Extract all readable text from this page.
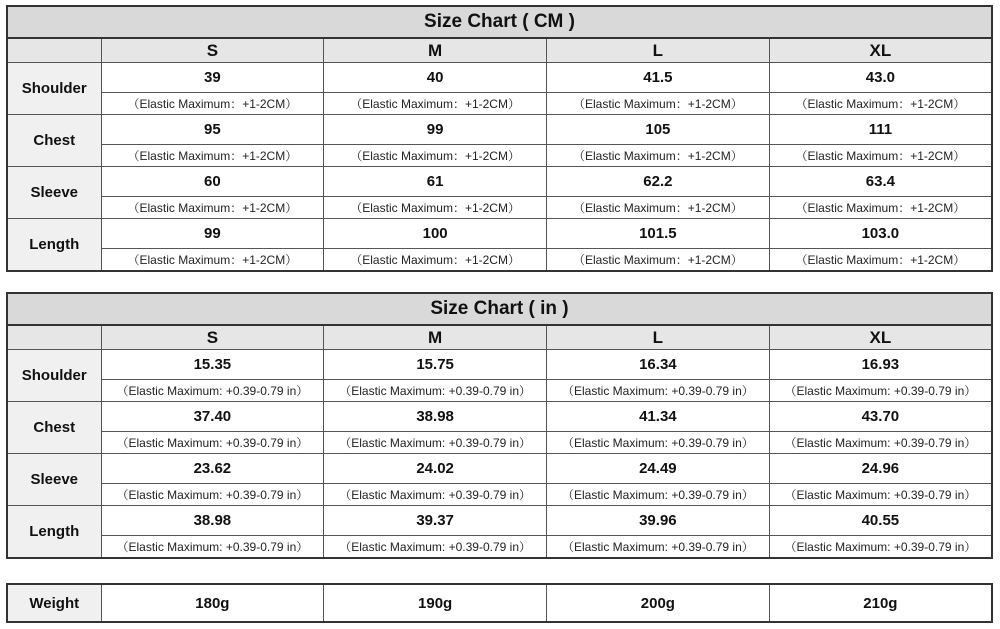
Size Chart ( CM )				
	S	M	L	XL
Shoulder	39	40	41.5	43.0
	（Elastic Maximum：+1-2CM）	（Elastic Maximum：+1-2CM）	（Elastic Maximum：+1-2CM）	（Elastic Maximum：+1-2CM）
Chest	95	99	105	111
	（Elastic Maximum：+1-2CM）	（Elastic Maximum：+1-2CM）	（Elastic Maximum：+1-2CM）	（Elastic Maximum：+1-2CM）
Sleeve	60	61	62.2	63.4
	（Elastic Maximum：+1-2CM）	（Elastic Maximum：+1-2CM）	（Elastic Maximum：+1-2CM）	（Elastic Maximum：+1-2CM）
Length	99	100	101.5	103.0
	（Elastic Maximum：+1-2CM）	（Elastic Maximum：+1-2CM）	（Elastic Maximum：+1-2CM）	（Elastic Maximum：+1-2CM）
Size Chart ( in )				
	S	M	L	XL
Shoulder	15.35	15.75	16.34	16.93
	（Elastic Maximum: +0.39-0.79 in）	（Elastic Maximum: +0.39-0.79 in）	（Elastic Maximum: +0.39-0.79 in）	（Elastic Maximum: +0.39-0.79 in）
Chest	37.40	38.98	41.34	43.70
	（Elastic Maximum: +0.39-0.79 in）	（Elastic Maximum: +0.39-0.79 in）	（Elastic Maximum: +0.39-0.79 in）	（Elastic Maximum: +0.39-0.79 in）
Sleeve	23.62	24.02	24.49	24.96
	（Elastic Maximum: +0.39-0.79 in）	（Elastic Maximum: +0.39-0.79 in）	（Elastic Maximum: +0.39-0.79 in）	（Elastic Maximum: +0.39-0.79 in）
Length	38.98	39.37	39.96	40.55
	（Elastic Maximum: +0.39-0.79 in）	（Elastic Maximum: +0.39-0.79 in）	（Elastic Maximum: +0.39-0.79 in）	（Elastic Maximum: +0.39-0.79 in）
Weight	180g	190g	200g	210g
